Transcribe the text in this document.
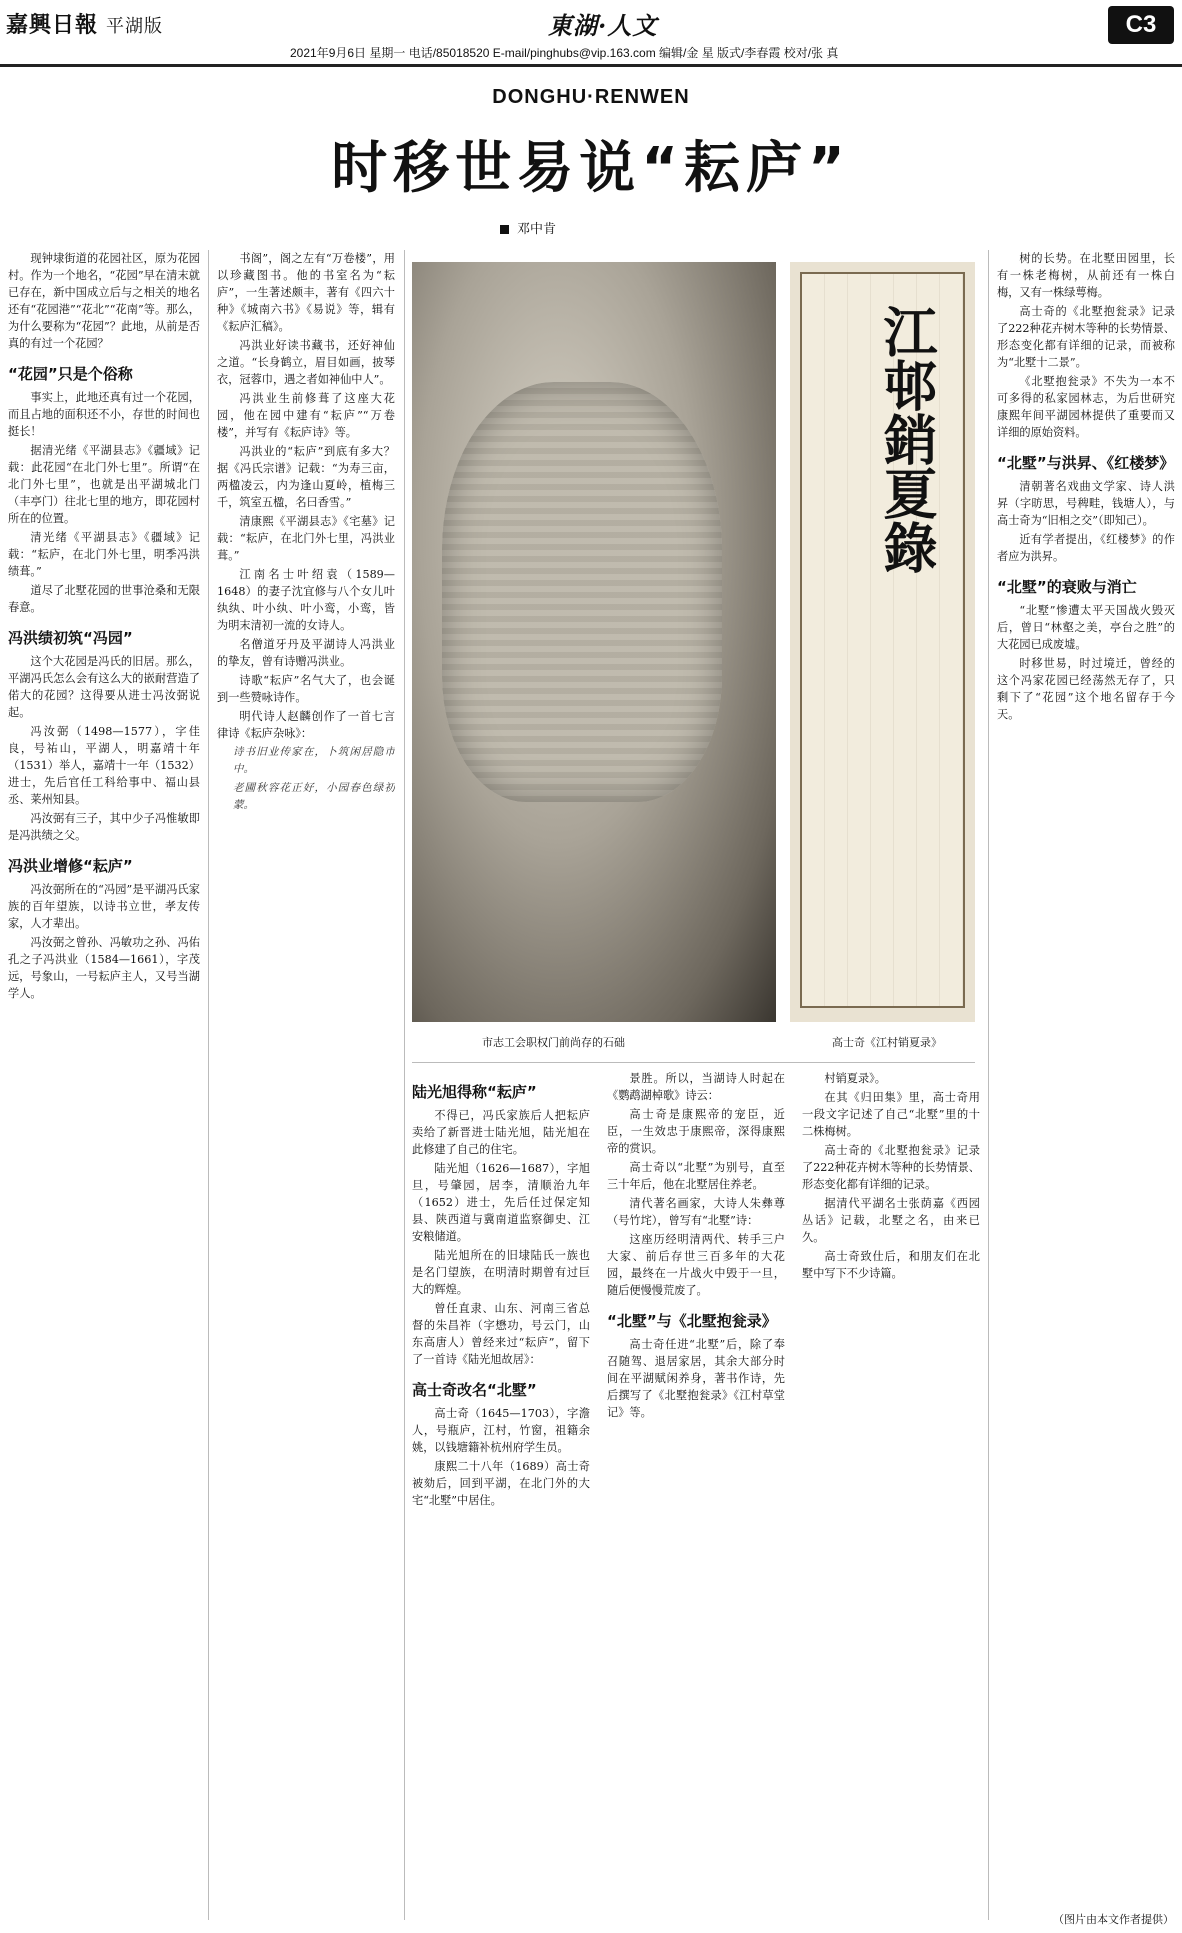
嘉興日報 平湖版	東湖·人文	C3
2021年9月6日 星期一 电话/85018520 E-mail/pinghubs@vip.163.com 编辑/金 星 版式/李春霞 校对/张 真
DONGHU·RENWEN
时移世易说“耘庐”
邓中肯

现钟埭街道的花园社区，原为花园村。作为一个地名，“花园”早在清末就已存在，新中国成立后与之相关的地名还有“花园港”“花北”“花南”等。那么，为什么要称为“花园”？此地，从前是否真的有过一个花园？

“花园”只是个俗称

事实上，此地还真有过一个花园，而且占地的面积还不小，存世的时间也挺长！

据清光绪《平湖县志》《疆域》记载：此花园“在北门外七里”。所谓“在北门外七里”，也就是出平湖城北门（丰亭门）往北七里的地方，即花园村所在的位置。

清光绪《平湖县志》《疆域》记载：“耘庐，在北门外七里，明季冯洪绩葺。”

道尽了北墅花园的世事沧桑和无限春意。

冯洪绩初筑“冯园”

这个大花园是冯氏的旧居。那么，平湖冯氏怎么会有这么大的嵌耐营造了偌大的花园？这得要从进士冯汝弼说起。

冯汝弼（1498—1577），字佳良，号祐山，平湖人，明嘉靖十年（1531）举人，嘉靖十一年（1532）进士，先后官任工科给事中、福山县丞、莱州知县。

冯汝弼有三子，其中少子冯惟敏即是冯洪绩之父。

冯洪业增修“耘庐”

冯汝弼所在的“冯园”是平湖冯氏家族的百年望族，以诗书立世，孝友传家，人才辈出。

冯汝弼之曾孙、冯敏功之孙、冯佑孔之子冯洪业（1584—1661），字茂远，号象山，一号耘庐主人，又号当湖学人。

书阁”，阁之左有“万卷楼”，用以珍藏图书。他的书室名为“耘庐”，一生著述颇丰，著有《四六十种》《城南六书》《易说》等，辑有《耘庐汇稿》。

冯洪业好读书藏书，还好神仙之道。“长身鹤立，眉目如画，披琴衣，冠蓉巾，遇之者如神仙中人”。

冯洪业生前修葺了这座大花园，他在园中建有“耘庐”“万卷楼”，并写有《耘庐诗》等。

冯洪业的“耘庐”到底有多大？据《冯氏宗谱》记载：“为寿三亩，两楹凌云，内为逢山夏岭，植梅三千，筑室五楹，名曰香雪。”

清康熙《平湖县志》《宅墓》记载：“耘庐，在北门外七里，冯洪业葺。”

江南名士叶绍袁（1589—1648）的妻子沈宜修与八个女儿叶纨纨、叶小纨、叶小鸾，小鸾，皆为明末清初一流的女诗人。

名僧道牙丹及平湖诗人冯洪业的挚友，曾有诗赠冯洪业。

诗歌“耘庐”名气大了，也会诞到一些赞咏诗作。

明代诗人赵麟创作了一首七言律诗《耘庐杂咏》：

诗书旧业传家在，卜筑闲居隐市中。

老圃秋容花正好，小园春色绿初蒙。

江邨銷夏錄
市志工会职权门前尚存的石础	高士奇《江村销夏录》
陆光旭得称“耘庐”

不得已，冯氏家族后人把耘庐卖给了新晋进士陆光旭，陆光旭在此修建了自己的住宅。

陆光旭（1626—1687），字旭旦，号肇园，居李，清顺治九年（1652）进士，先后任过保定知县、陕西道与冀南道监察御史、江安粮储道。

陆光旭所在的旧埭陆氏一族也是名门望族，在明清时期曾有过巨大的辉煌。

曾任直隶、山东、河南三省总督的朱昌祚（字懋功，号云门，山东高唐人）曾经来过“耘庐”，留下了一首诗《陆光旭故居》：

高士奇改名“北墅”

高士奇（1645—1703），字澹人，号瓶庐，江村，竹窗，祖籍余姚，以钱塘籍补杭州府学生员。

康熙二十八年（1689）高士奇被劾后，回到平湖，在北门外的大宅“北墅”中居住。

景胜。所以，当湖诗人时起在《鹦鹉湖棹歌》诗云：

高士奇是康熙帝的宠臣，近臣，一生效忠于康熙帝，深得康熙帝的赏识。

高士奇以“北墅”为别号，直至三十年后，他在北墅居住养老。

清代著名画家，大诗人朱彝尊（号竹垞），曾写有“北墅”诗：

这座历经明清两代、转手三户大家、前后存世三百多年的大花园，最终在一片战火中毁于一旦，随后便慢慢荒废了。

“北墅”与《北墅抱瓮录》

高士奇任进“北墅”后，除了奉召随驾、退居家居，其余大部分时间在平湖赋闲养身，著书作诗，先后撰写了《北墅抱瓮录》《江村草堂记》等。

村销夏录》。

在其《归田集》里，高士奇用一段文字记述了自己“北墅”里的十二株梅树。

高士奇的《北墅抱瓮录》记录了222种花卉树木等种的长势情景、形态变化都有详细的记录。

据清代平湖名士张荫嘉《西园丛话》记载，北墅之名，由来已久。

高士奇致仕后，和朋友们在北墅中写下不少诗篇。

树的长势。在北墅田园里，长有一株老梅树，从前还有一株白梅，又有一株绿萼梅。

高士奇的《北墅抱瓮录》记录了222种花卉树木等种的长势情景、形态变化都有详细的记录，而被称为“北墅十二景”。

《北墅抱瓮录》不失为一本不可多得的私家园林志，为后世研究康熙年间平湖园林提供了重要而又详细的原始资料。

“北墅”与洪昇、《红楼梦》

清朝著名戏曲文学家、诗人洪昇（字昉思，号稗畦，钱塘人），与高士奇为“旧相之交”（即知己）。

近有学者提出，《红楼梦》的作者应为洪昇。

“北墅”的衰败与消亡

“北墅”惨遭太平天国战火毁灭后，曾日“林壑之美，亭台之胜”的大花园已成废墟。

时移世易，时过境迁，曾经的这个冯家花园已经荡然无存了，只剩下了“花园”这个地名留存于今天。

（图片由本文作者提供）
